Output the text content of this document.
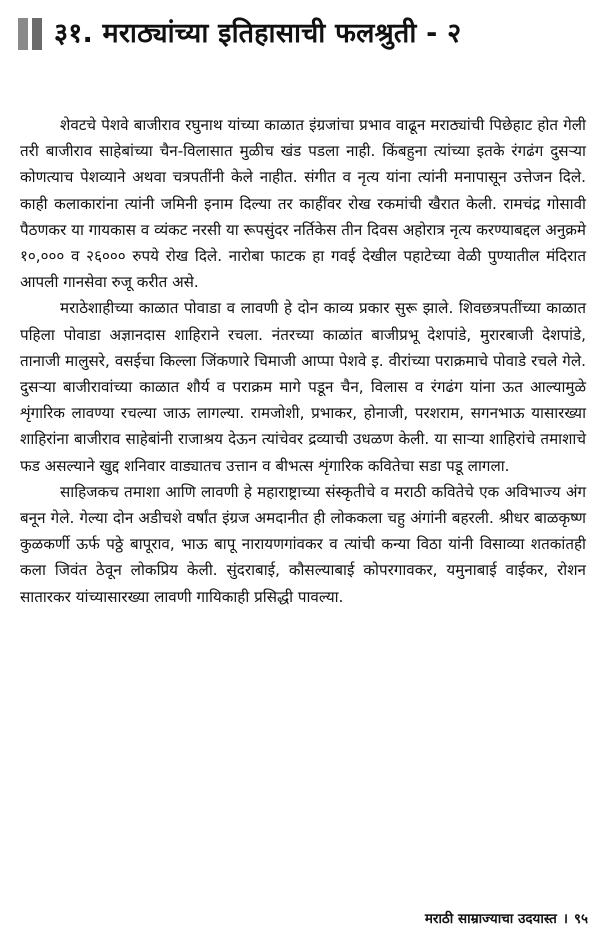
३१. मराठ्यांच्या इतिहासाची फलश्रुती - २

शेवटचे पेशवे बाजीराव रघुनाथ यांच्या काळात इंग्रजांचा प्रभाव वाढून मराठ्यांची पिछेहाट होत गेली तरी बाजीराव साहेबांच्या चैन-विलासात मुळीच खंड पडला नाही. किंबहुना त्यांच्या इतके रंगढंग दुसऱ्या कोणत्याच पेशव्याने अथवा चत्रपतींनी केले नाहीत. संगीत व नृत्य यांना त्यांनी मनापासून उत्तेजन दिले. काही कलाकारांना त्यांनी जमिनी इनाम दिल्या तर काहींवर रोख रकमांची खैरात केली. रामचंद्र गोसावी पैठणकर या गायकास व व्यंकट नरसी या रूपसुंदर नर्तिकेस तीन दिवस अहोरात्र नृत्य करण्याबद्दल अनुक्रमे १०,००० व २६००० रुपये रोख दिले. नारोबा फाटक हा गवई देखील पहाटेच्या वेळी पुण्यातील मंदिरात आपली गानसेवा रुजू करीत असे.

मराठेशाहीच्या काळात पोवाडा व लावणी हे दोन काव्य प्रकार सुरू झाले. शिवछत्रपतींच्या काळात पहिला पोवाडा अज्ञानदास शाहिराने रचला. नंतरच्या काळांत बाजीप्रभू देशपांडे, मुरारबाजी देशपांडे, तानाजी मालुसरे, वसईचा किल्ला जिंकणारे चिमाजी आप्पा पेशवे इ. वीरांच्या पराक्रमाचे पोवाडे रचले गेले. दुसऱ्या बाजीरावांच्या काळात शौर्य व पराक्रम मागे पडून चैन, विलास व रंगढंग यांना ऊत आल्यामुळे शृंगारिक लावण्या रचल्या जाऊ लागल्या. रामजोशी, प्रभाकर, होनाजी, परशराम, सगनभाऊ यासारख्या शाहिरांना बाजीराव साहेबांनी राजाश्रय देऊन त्यांचेवर द्रव्याची उधळण केली. या साऱ्या शाहिरांचे तमाशाचे फड असल्याने खुद्द शनिवार वाड्यातच उत्तान व बीभत्स शृंगारिक कवितेचा सडा पडू लागला.

साहिजकच तमाशा आणि लावणी हे महाराष्ट्राच्या संस्कृतीचे व मराठी कवितेचे एक अविभाज्य अंग बनून गेले. गेल्या दोन अडीचशे वर्षांत इंग्रज अमदानीत ही लोककला चहु अंगांनी बहरली. श्रीधर बाळकृष्ण कुळकर्णी ऊर्फ पठ्ठे बापूराव, भाऊ बापू नारायणगांवकर व त्यांची कन्या विठा यांनी विसाव्या शतकांतही कला जिवंत ठेवून लोकप्रिय केली. सुंदराबाई, कौसल्याबाई कोपरगावकर, यमुनाबाई वाईकर, रोशन सातारकर यांच्यासारख्या लावणी गायिकाही प्रसिद्धी पावल्या.

मराठी साम्राज्याचा उदयास्त । ९५
